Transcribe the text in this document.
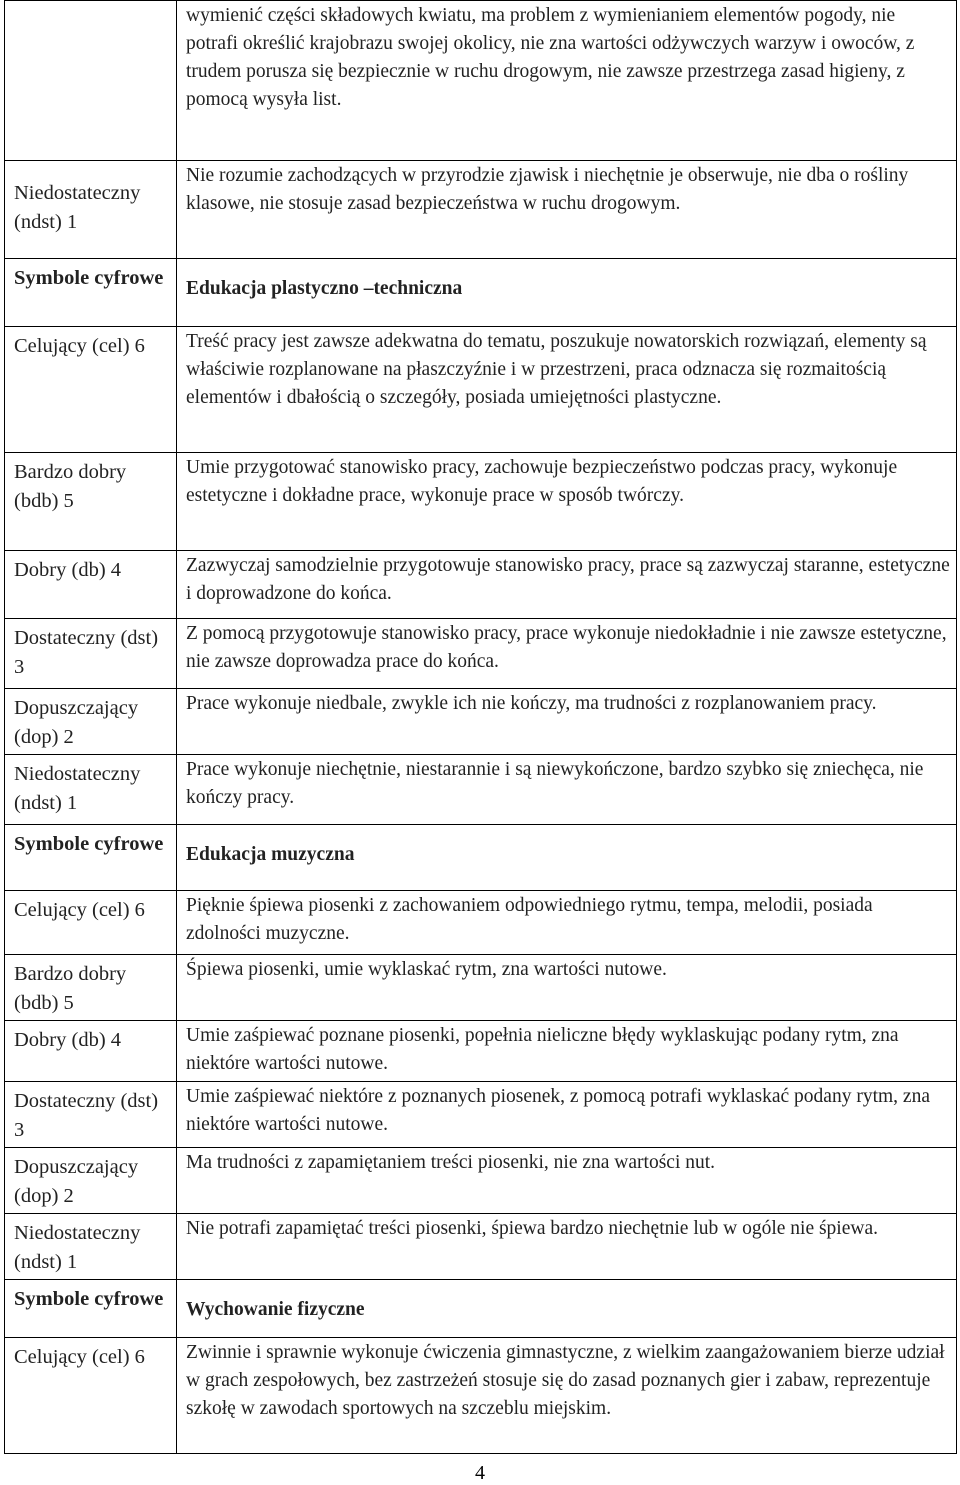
	wymienić części składowych kwiatu, ma problem z wymienianiem elementów pogody, nie potrafi określić krajobrazu swojej okolicy, nie zna wartości odżywczych warzyw i owoców, z trudem porusza się bezpiecznie w ruchu drogowym, nie zawsze przestrzega zasad higieny, z pomocą wysyła list.
Niedostateczny (ndst) 1	Nie rozumie zachodzących w przyrodzie zjawisk i niechętnie je obserwuje, nie dba o rośliny klasowe, nie stosuje zasad bezpieczeństwa w ruchu drogowym.
Symbole cyfrowe	Edukacja plastyczno –techniczna
Celujący (cel) 6	Treść pracy jest zawsze adekwatna do tematu, poszukuje nowatorskich rozwiązań, elementy są właściwie rozplanowane na płaszczyźnie i w przestrzeni, praca odznacza się rozmaitością elementów i dbałością o szczegóły, posiada umiejętności plastyczne.
Bardzo dobry (bdb) 5	Umie przygotować stanowisko pracy, zachowuje bezpieczeństwo podczas pracy, wykonuje estetyczne i dokładne prace, wykonuje prace w sposób twórczy.
Dobry (db) 4	Zazwyczaj samodzielnie przygotowuje stanowisko pracy, prace są zazwyczaj staranne, estetyczne i doprowadzone do końca.
Dostateczny (dst) 3	Z pomocą przygotowuje stanowisko pracy, prace wykonuje niedokładnie i nie zawsze estetyczne, nie zawsze doprowadza prace do końca.
Dopuszczający (dop) 2	Prace wykonuje niedbale, zwykle ich nie kończy, ma trudności z rozplanowaniem pracy.
Niedostateczny (ndst) 1	Prace wykonuje niechętnie, niestarannie i są niewykończone, bardzo szybko się zniechęca, nie kończy pracy.
Symbole cyfrowe	Edukacja muzyczna
Celujący (cel) 6	Pięknie śpiewa piosenki z zachowaniem odpowiedniego rytmu, tempa, melodii, posiada zdolności muzyczne.
Bardzo dobry (bdb) 5	Śpiewa piosenki, umie wyklaskać rytm, zna wartości nutowe.
Dobry (db) 4	Umie zaśpiewać poznane piosenki, popełnia nieliczne błędy wyklaskując podany rytm, zna niektóre wartości nutowe.
Dostateczny (dst) 3	Umie zaśpiewać niektóre z poznanych piosenek, z pomocą potrafi wyklaskać podany rytm, zna niektóre wartości nutowe.
Dopuszczający (dop) 2	Ma trudności z zapamiętaniem treści piosenki, nie zna wartości nut.
Niedostateczny (ndst) 1	Nie potrafi zapamiętać treści piosenki, śpiewa bardzo niechętnie lub w ogóle nie śpiewa.
Symbole cyfrowe	Wychowanie fizyczne
Celujący (cel) 6	Zwinnie i sprawnie wykonuje ćwiczenia gimnastyczne, z wielkim zaangażowaniem bierze udział w grach zespołowych, bez zastrzeżeń stosuje się do zasad poznanych gier i zabaw, reprezentuje szkołę w zawodach sportowych na szczeblu miejskim.
4
